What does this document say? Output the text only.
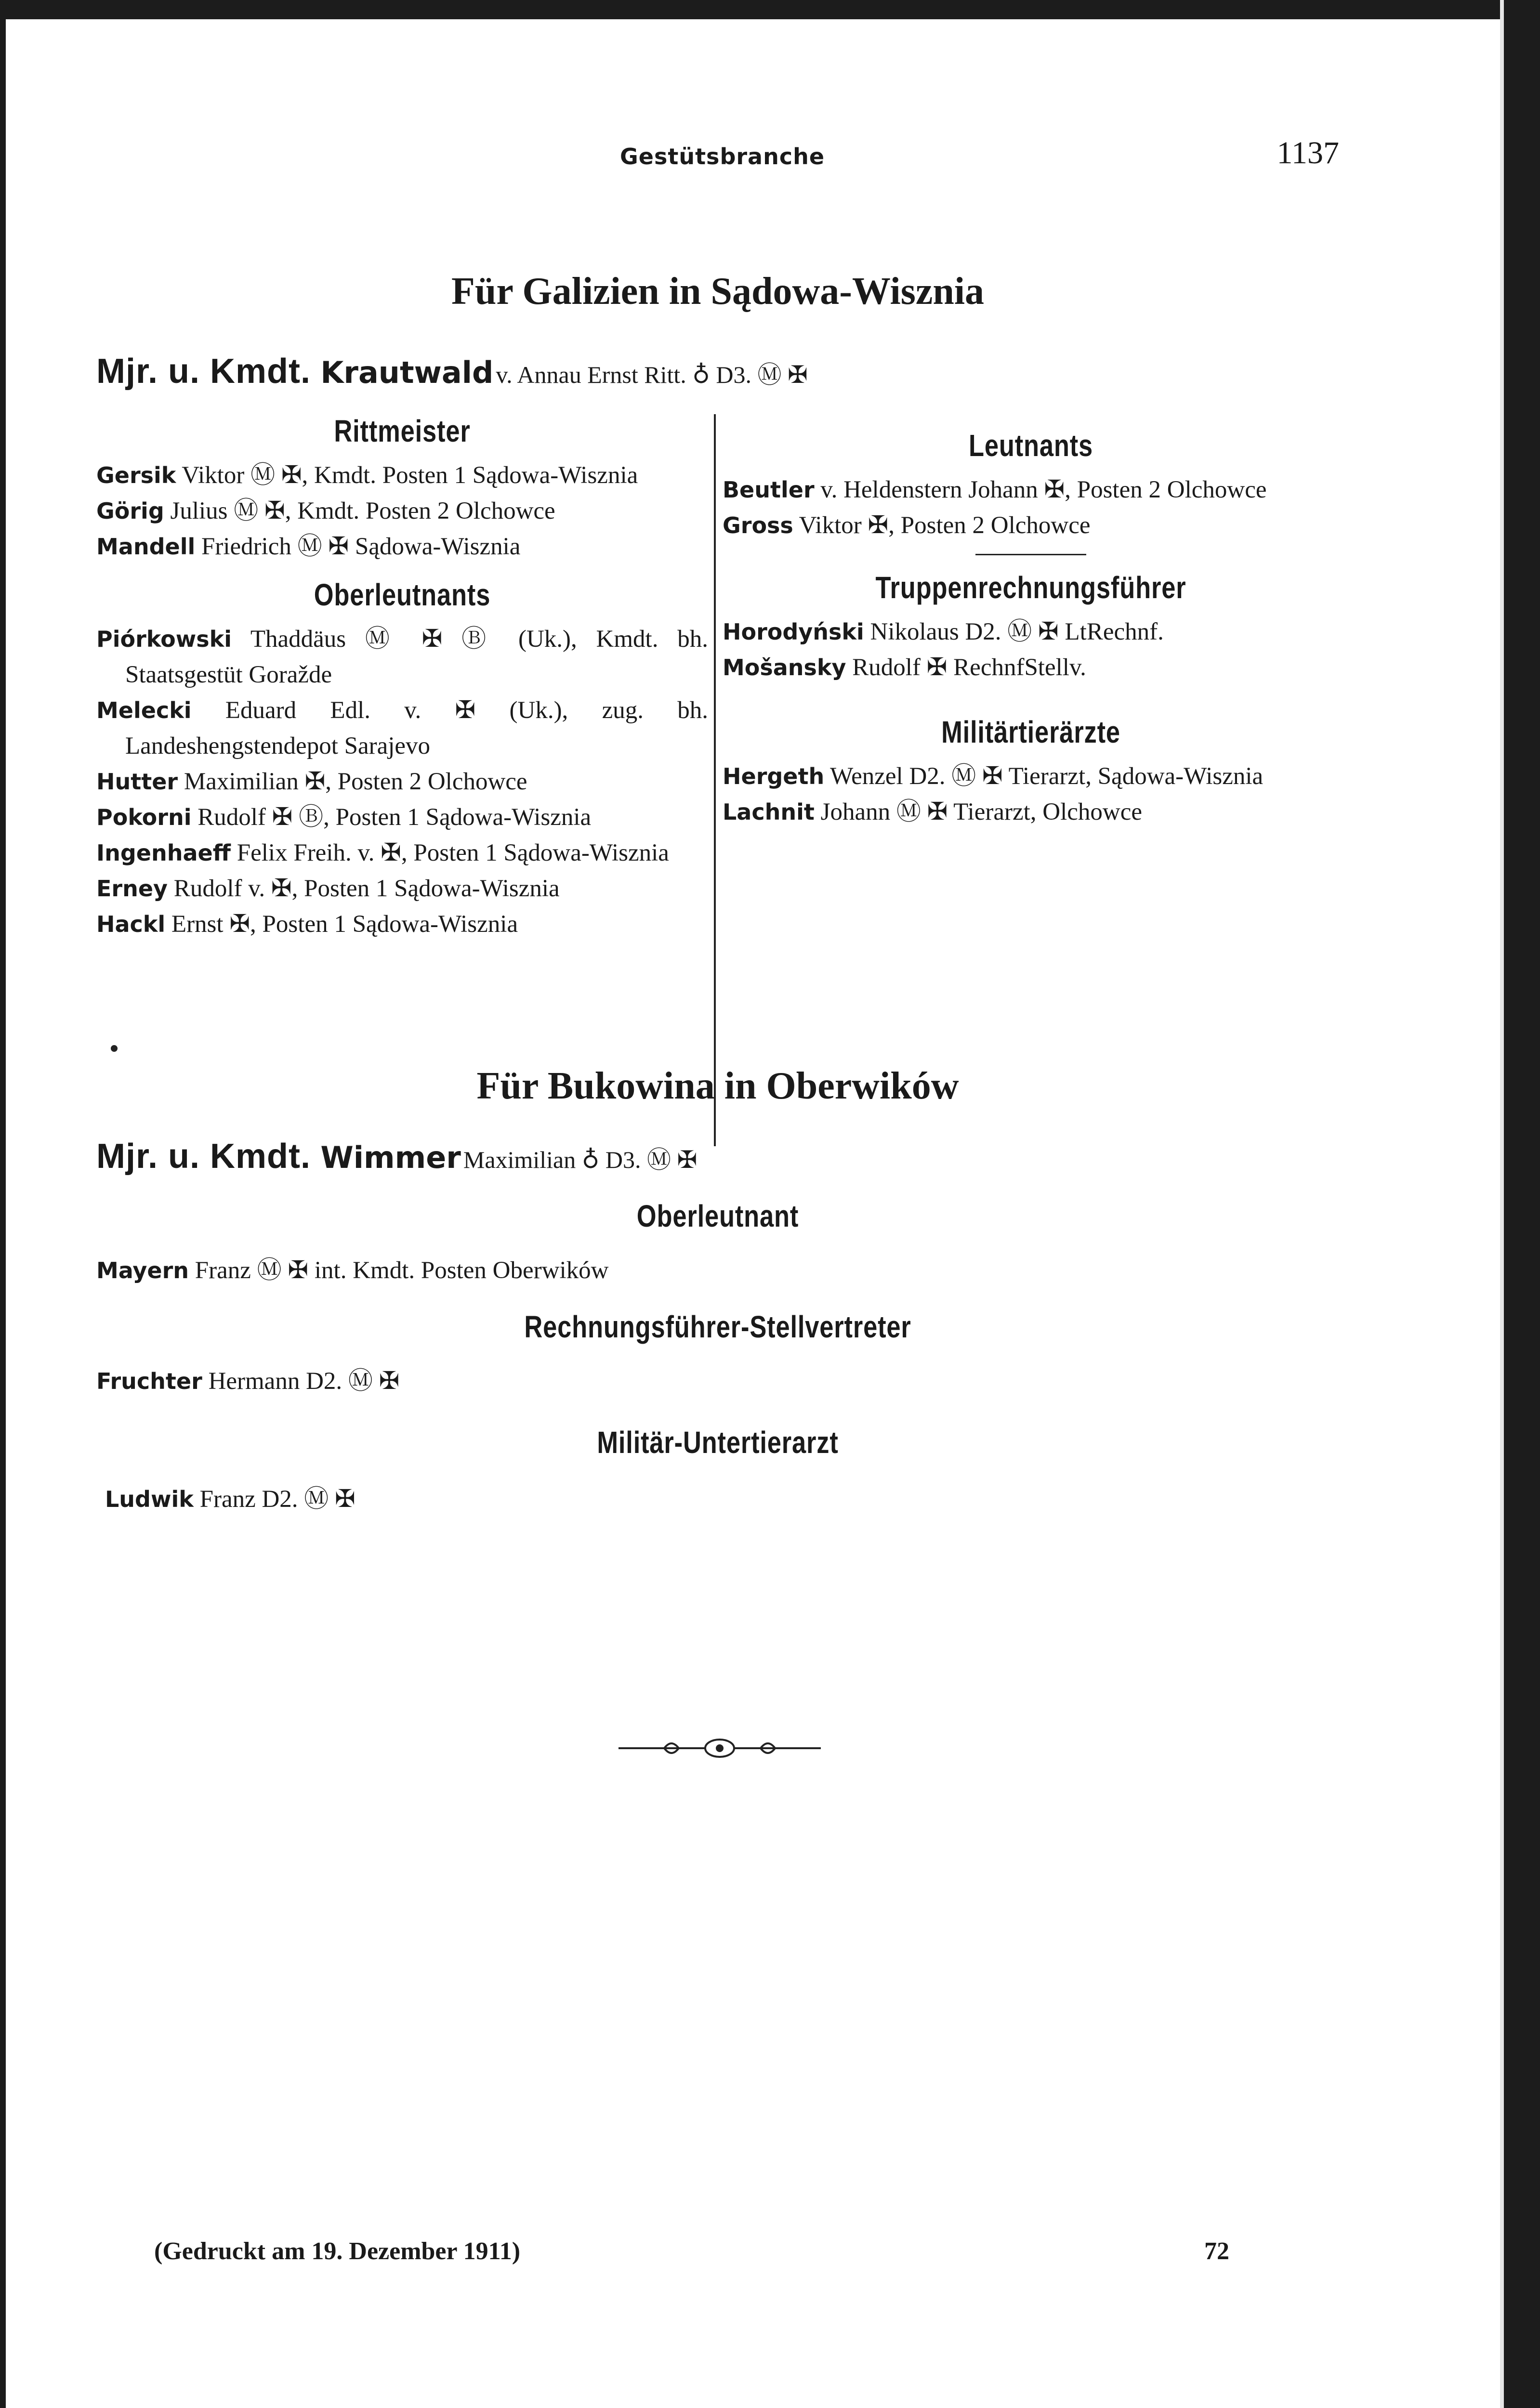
Gestütsbranche	1137
Für Galizien in Sądowa-Wisznia
Mjr. u. Kmdt. Krautwald v. Annau Ernst Ritt. ♁ D3. Ⓜ ✠
Rittmeister
Gersik Viktor Ⓜ ✠, Kmdt. Posten 1 Sądowa-Wisznia
Görig Julius Ⓜ ✠, Kmdt. Posten 2 Olchowce
Mandell Friedrich Ⓜ ✠ Sądowa-Wisznia
Oberleutnants
Piórkowski Thaddäus Ⓜ ✠ Ⓑ (Uk.), Kmdt. bh. Staatsgestüt Goražde
Melecki Eduard Edl. v. ✠ (Uk.), zug. bh. Landeshengstendepot Sarajevo
Hutter Maximilian ✠, Posten 2 Olchowce
Pokorni Rudolf ✠ Ⓑ, Posten 1 Sądowa-Wisznia
Ingenhaeff Felix Freih. v. ✠, Posten 1 Sądowa-Wisznia
Erney Rudolf v. ✠, Posten 1 Sądowa-Wisznia
Hackl Ernst ✠, Posten 1 Sądowa-Wisznia
Leutnants
Beutler v. Heldenstern Johann ✠, Posten 2 Olchowce
Gross Viktor ✠, Posten 2 Olchowce
Truppenrechnungsführer
Horodyński Nikolaus D2. Ⓜ ✠ LtRechnf.
Mošansky Rudolf ✠ RechnfStellv.
Militärtierärzte
Hergeth Wenzel D2. Ⓜ ✠ Tierarzt, Sądowa-Wisznia
Lachnit Johann Ⓜ ✠ Tierarzt, Olchowce
Für Bukowina in Oberwików
Mjr. u. Kmdt. Wimmer Maximilian ♁ D3. Ⓜ ✠
Oberleutnant
Mayern Franz Ⓜ ✠ int. Kmdt. Posten Oberwików
Rechnungsführer-Stellvertreter
Fruchter Hermann D2. Ⓜ ✠
Militär-Untertierarzt
Ludwik Franz D2. Ⓜ ✠
(Gedruckt am 19. Dezember 1911)	72
